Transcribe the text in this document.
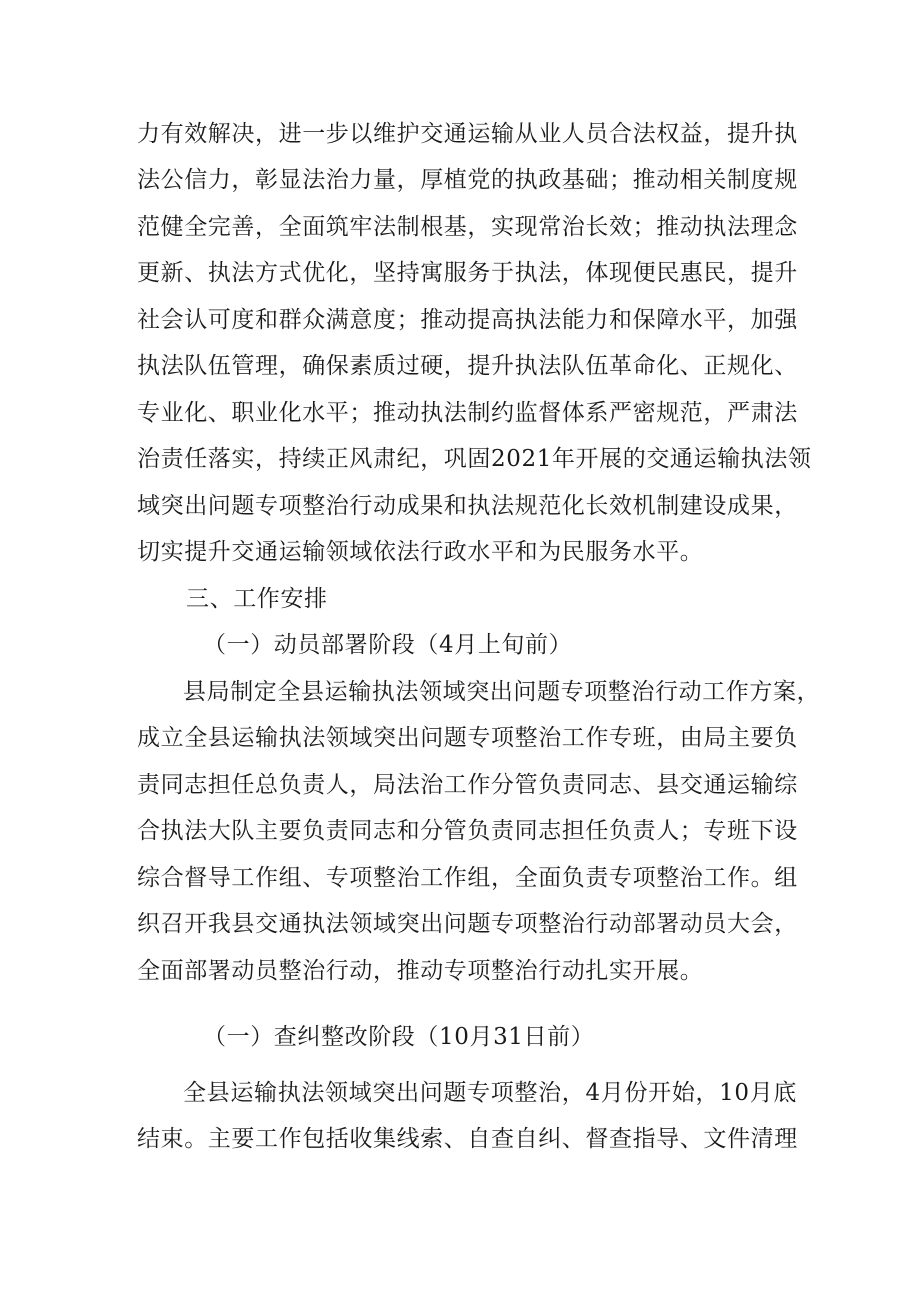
力有效解决，进一步以维护交通运输从业人员合法权益，提升执
法公信力，彰显法治力量，厚植党的执政基础；推动相关制度规
范健全完善，全面筑牢法制根基，实现常治长效；推动执法理念
更新、执法方式优化，坚持寓服务于执法，体现便民惠民，提升
社会认可度和群众满意度；推动提高执法能力和保障水平，加强
执法队伍管理，确保素质过硬，提升执法队伍革命化、正规化、
专业化、职业化水平；推动执法制约监督体系严密规范，严肃法
治责任落实，持续正风肃纪，巩固2021年开展的交通运输执法领
域突出问题专项整治行动成果和执法规范化长效机制建设成果，
切实提升交通运输领域依法行政水平和为民服务水平。
三、工作安排
（一）动员部署阶段（4月上旬前）
县局制定全县运输执法领域突出问题专项整治行动工作方案，
成立全县运输执法领域突出问题专项整治工作专班，由局主要负
责同志担任总负责人，局法治工作分管负责同志、县交通运输综
合执法大队主要负责同志和分管负责同志担任负责人；专班下设
综合督导工作组、专项整治工作组，全面负责专项整治工作。组
织召开我县交通执法领域突出问题专项整治行动部署动员大会，
全面部署动员整治行动，推动专项整治行动扎实开展。
（一）查纠整改阶段（10月31日前）
全县运输执法领域突出问题专项整治，4月份开始，10月底
结束。主要工作包括收集线索、自查自纠、督查指导、文件清理
